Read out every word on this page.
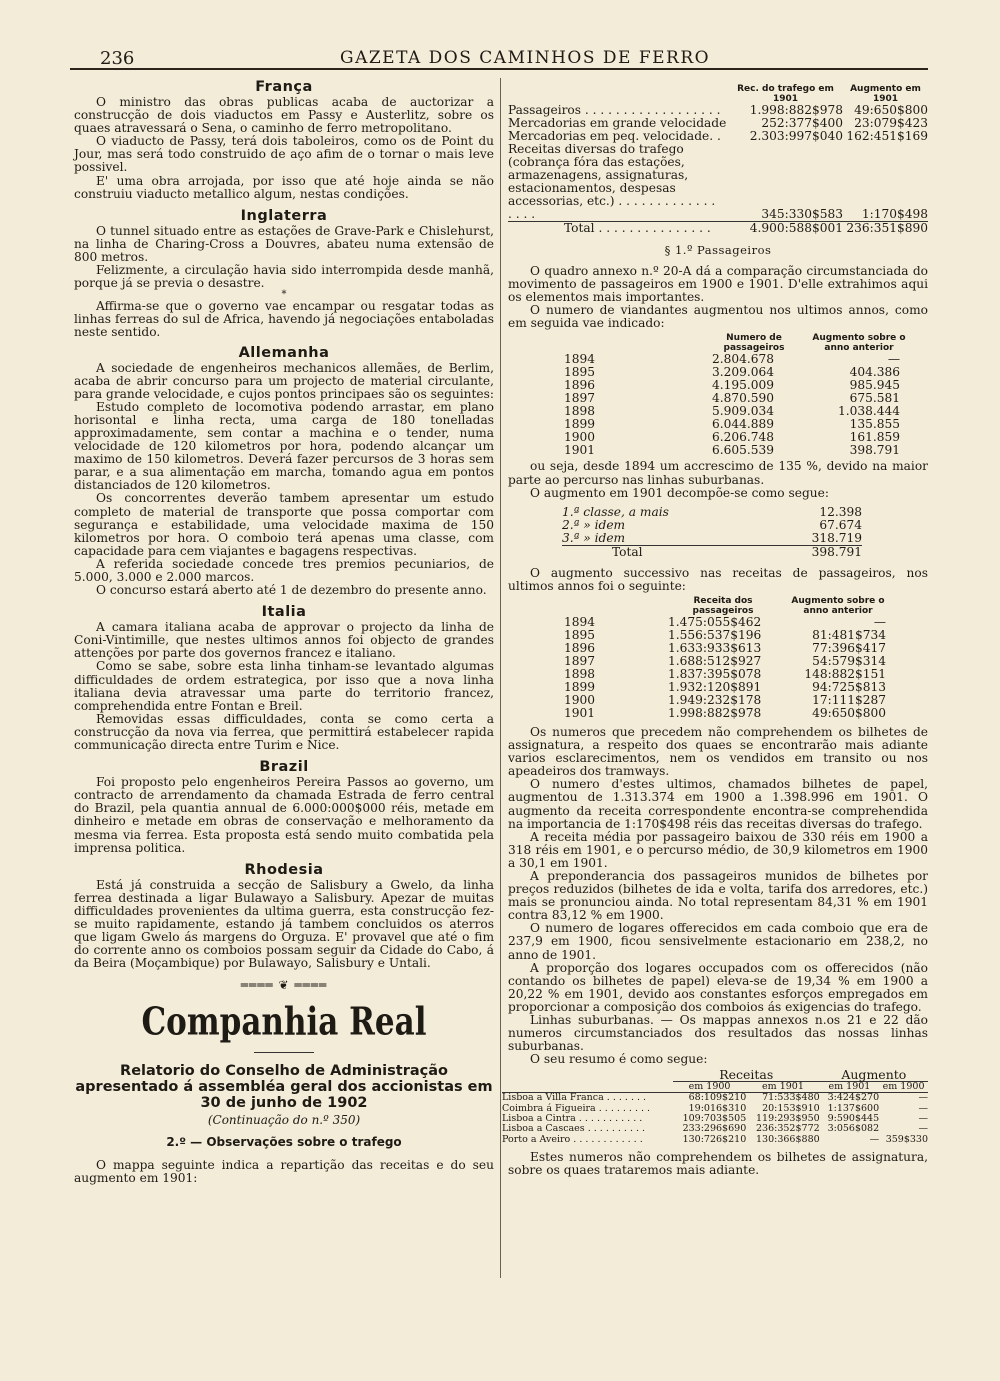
236	GAZETA DOS CAMINHOS DE FERRO
França

O ministro das obras publicas acaba de auctorizar a construcção de dois viaductos em Passy e Austerlitz, sobre os quaes atravessará o Sena, o caminho de ferro metropolitano.

O viaducto de Passy, terá dois taboleiros, como os de Point du Jour, mas será todo construido de aço afim de o tornar o mais leve possivel.

E' uma obra arrojada, por isso que até hoje ainda se não construiu viaducto metallico algum, nestas condições.

Inglaterra

O tunnel situado entre as estações de Grave-Park e Chislehurst, na linha de Charing-Cross a Douvres, abateu numa extensão de 800 metros.

Felizmente, a circulação havia sido interrompida desde manhã, porque já se previa o desastre.

*

Affirma-se que o governo vae encampar ou resgatar todas as linhas ferreas do sul de Africa, havendo já negociações entaboladas neste sentido.

Allemanha

A sociedade de engenheiros mechanicos allemães, de Berlim, acaba de abrir concurso para um projecto de material circulante, para grande velocidade, e cujos pontos principaes são os seguintes:

Estudo completo de locomotiva podendo arrastar, em plano horisontal e linha recta, uma carga de 180 tonelladas approximadamente, sem contar a machina e o tender, numa velocidade de 120 kilometros por hora, podendo alcançar um maximo de 150 kilometros. Deverá fazer percursos de 3 horas sem parar, e a sua alimentação em marcha, tomando agua em pontos distanciados de 120 kilometros.

Os concorrentes deverão tambem apresentar um estudo completo de material de transporte que possa comportar com segurança e estabilidade, uma velocidade maxima de 150 kilometros por hora. O comboio terá apenas uma classe, com capacidade para cem viajantes e bagagens respectivas.

A referida sociedade concede tres premios pecuniarios, de 5.000, 3.000 e 2.000 marcos.

O concurso estará aberto até 1 de dezembro do presente anno.

Italia

A camara italiana acaba de approvar o projecto da linha de Coni-Vintimille, que nestes ultimos annos foi objecto de grandes attenções por parte dos governos francez e italiano.

Como se sabe, sobre esta linha tinham-se levantado algumas difficuldades de ordem estrategica, por isso que a nova linha italiana devia atravessar uma parte do territorio francez, comprehendida entre Fontan e Breil.

Removidas essas difficuldades, conta se como certa a construcção da nova via ferrea, que permittirá estabelecer rapida communicação directa entre Turim e Nice.

Brazil

Foi proposto pelo engenheiros Pereira Passos ao governo, um contracto de arrendamento da chamada Estrada de ferro central do Brazil, pela quantia annual de 6.000:000$000 réis, metade em dinheiro e metade em obras de conservação e melhoramento da mesma via ferrea. Esta proposta está sendo muito combatida pela imprensa politica.

Rhodesia

Está já construida a secção de Salisbury a Gwelo, da linha ferrea destinada a ligar Bulawayo a Salisbury. Apezar de muitas difficuldades provenientes da ultima guerra, esta construcção fez-se muito rapidamente, estando já tambem concluidos os aterros que ligam Gwelo ás margens do Orguza. E' provavel que até o fim do corrente anno os comboios possam seguir da Cidade do Cabo, á da Beira (Moçambique) por Bulawayo, Salisbury e Untali.

════ ❦ ════
Companhia Real
Relatorio do Conselho de Administração apresentado á assembléa geral dos accionistas em 30 de junho de 1902
(Continuação do n.º 350)
2.º — Observações sobre o trafego

O mappa seguinte indica a repartição das receitas e do seu augmento em 1901:

	Rec. do trafego em 1901	Augmento em 1901
Passageiros . . . . . . . . . . . . . . . . . .	1.998:882$978	49:650$800
Mercadorias em grande velocidade	252:377$400	23:079$423
Mercadorias em peq. velocidade. .	2.303:997$040	162:451$169
Receitas diversas do trafego (cobrança fóra das estações, armazenagens, assignaturas, estacionamentos, despesas accessorias, etc.) . . . . . . . . . . . . . . . . .	345:330$583	1:170$498
Total . . . . . . . . . . . . . . .	4.900:588$001	236:351$890
§ 1.º Passageiros

O quadro annexo n.º 20-A dá a comparação circumstanciada do movimento de passageiros em 1900 e 1901. D'elle extrahimos aqui os elementos mais importantes.

O numero de viandantes augmentou nos ultimos annos, como em seguida vae indicado:

	Numero de passageiros	Augmento sobre o anno anterior
1894	2.804.678	—
1895	3.209.064	404.386
1896	4.195.009	985.945
1897	4.870.590	675.581
1898	5.909.034	1.038.444
1899	6.044.889	135.855
1900	6.206.748	161.859
1901	6.605.539	398.791

ou seja, desde 1894 um accrescimo de 135 %, devido na maior parte ao percurso nas linhas suburbanas.

O augmento em 1901 decompõe-se como segue:

1.ª classe, a mais	12.398
2.ª » idem	67.674
3.ª » idem	318.719
Total	398.791

O augmento successivo nas receitas de passageiros, nos ultimos annos foi o seguinte:

	Receita dos passageiros	Augmento sobre o anno anterior
1894	1.475:055$462	—
1895	1.556:537$196	81:481$734
1896	1.633:933$613	77:396$417
1897	1.688:512$927	54:579$314
1898	1.837:395$078	148:882$151
1899	1.932:120$891	94:725$813
1900	1.949:232$178	17:111$287
1901	1.998:882$978	49:650$800

Os numeros que precedem não comprehendem os bilhetes de assignatura, a respeito dos quaes se encontrarão mais adiante varios esclarecimentos, nem os vendidos em transito ou nos apeadeiros dos tramways.

O numero d'estes ultimos, chamados bilhetes de papel, augmentou de 1.313.374 em 1900 a 1.398.996 em 1901. O augmento da receita correspondente encontra-se comprehendida na importancia de 1:170$498 réis das receitas diversas do trafego.

A receita média por passageiro baixou de 330 réis em 1900 a 318 réis em 1901, e o percurso médio, de 30,9 kilometros em 1900 a 30,1 em 1901.

A preponderancia dos passageiros munidos de bilhetes por preços reduzidos (bilhetes de ida e volta, tarifa dos arredores, etc.) mais se pronunciou ainda. No total representam 84,31 % em 1901 contra 83,12 % em 1900.

O numero de logares offerecidos em cada comboio que era de 237,9 em 1900, ficou sensivelmente estacionario em 238,2, no anno de 1901.

A proporção dos logares occupados com os offerecidos (não contando os bilhetes de papel) eleva-se de 19,34 % em 1900 a 20,22 % em 1901, devido aos constantes esforços empregados em proporcionar a composição dos comboios ás exigencias do trafego.

Linhas suburbanas. — Os mappas annexos n.os 21 e 22 dão numeros circumstanciados dos resultados das nossas linhas suburbanas.

O seu resumo é como segue:

	Receitas		Augmento	
	em 1900	em 1901	em 1901	em 1900
Lisboa a Villa Franca . . . . . . .	68:109$210	71:533$480	3:424$270	—
Coimbra á Figueira . . . . . . . . .	19:016$310	20:153$910	1:137$600	—
Lisboa a Cintra . . . . . . . . . . .	109:703$505	119:293$950	9:590$445	—
Lisboa a Cascaes . . . . . . . . . .	233:296$690	236:352$772	3:056$082	—
Porto a Aveiro . . . . . . . . . . . .	130:726$210	130:366$880	—	359$330

Estes numeros não comprehendem os bilhetes de assignatura, sobre os quaes trataremos mais adiante.
